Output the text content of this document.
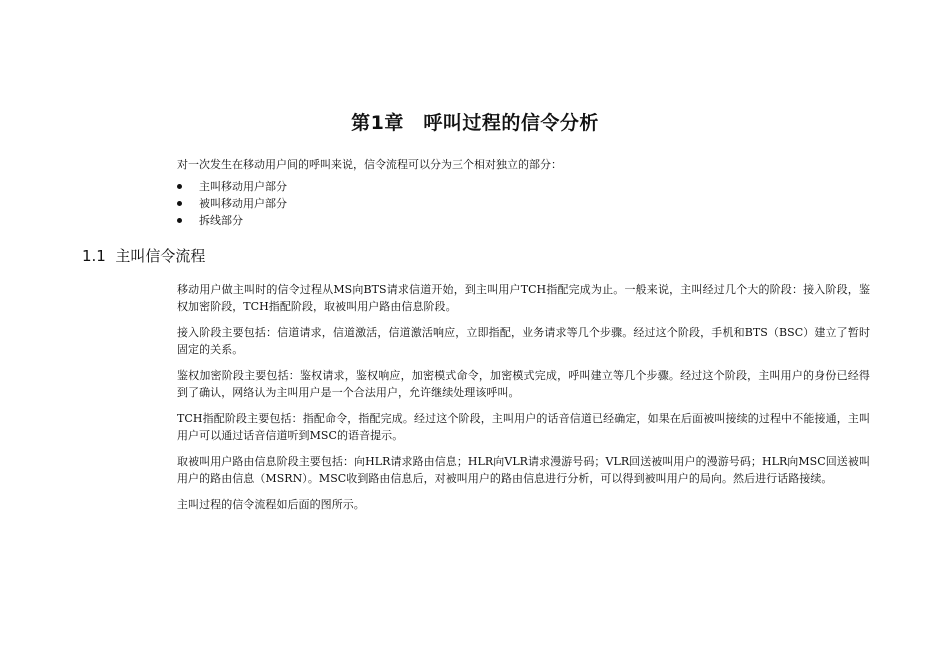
第1章　呼叫过程的信令分析
对一次发生在移动用户间的呼叫来说，信令流程可以分为三个相对独立的部分：
主叫移动用户部分
被叫移动用户部分
拆线部分
1.1  主叫信令流程

移动用户做主叫时的信令过程从MS向BTS请求信道开始，到主叫用户TCH指配完成为止。一般来说，主叫经过几个大的阶段：接入阶段，鉴权加密阶段，TCH指配阶段，取被叫用户路由信息阶段。

接入阶段主要包括：信道请求，信道激活，信道激活响应，立即指配，业务请求等几个步骤。经过这个阶段，手机和BTS（BSC）建立了暂时固定的关系。

鉴权加密阶段主要包括：鉴权请求，鉴权响应，加密模式命令，加密模式完成，呼叫建立等几个步骤。经过这个阶段，主叫用户的身份已经得到了确认，网络认为主叫用户是一个合法用户，允许继续处理该呼叫。

TCH指配阶段主要包括：指配命令，指配完成。经过这个阶段，主叫用户的话音信道已经确定，如果在后面被叫接续的过程中不能接通，主叫用户可以通过话音信道听到MSC的语音提示。

取被叫用户路由信息阶段主要包括：向HLR请求路由信息；HLR向VLR请求漫游号码；VLR回送被叫用户的漫游号码；HLR向MSC回送被叫用户的路由信息（MSRN）。MSC收到路由信息后，对被叫用户的路由信息进行分析，可以得到被叫用户的局向。然后进行话路接续。

主叫过程的信令流程如后面的图所示。
